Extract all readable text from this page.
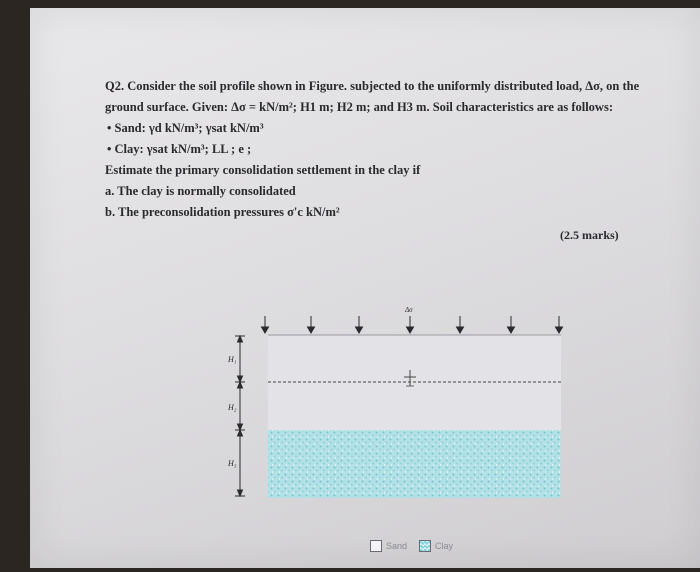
Q2. Consider the soil profile shown in Figure. subjected to the uniformly distributed load, Δσ, on the
ground surface. Given: Δσ = kN/m²; H1 m; H2 m; and H3 m. Soil characteristics are as follows:
• Sand: γd kN/m³; γsat kN/m³
• Clay: γsat kN/m³; LL ; e ;
Estimate the primary consolidation settlement in the clay if
a. The clay is normally consolidated
b. The preconsolidation pressures σ'c kN/m²
(2.5 marks)
Δσ
H₁
H₂
H₃
Sand	Clay
